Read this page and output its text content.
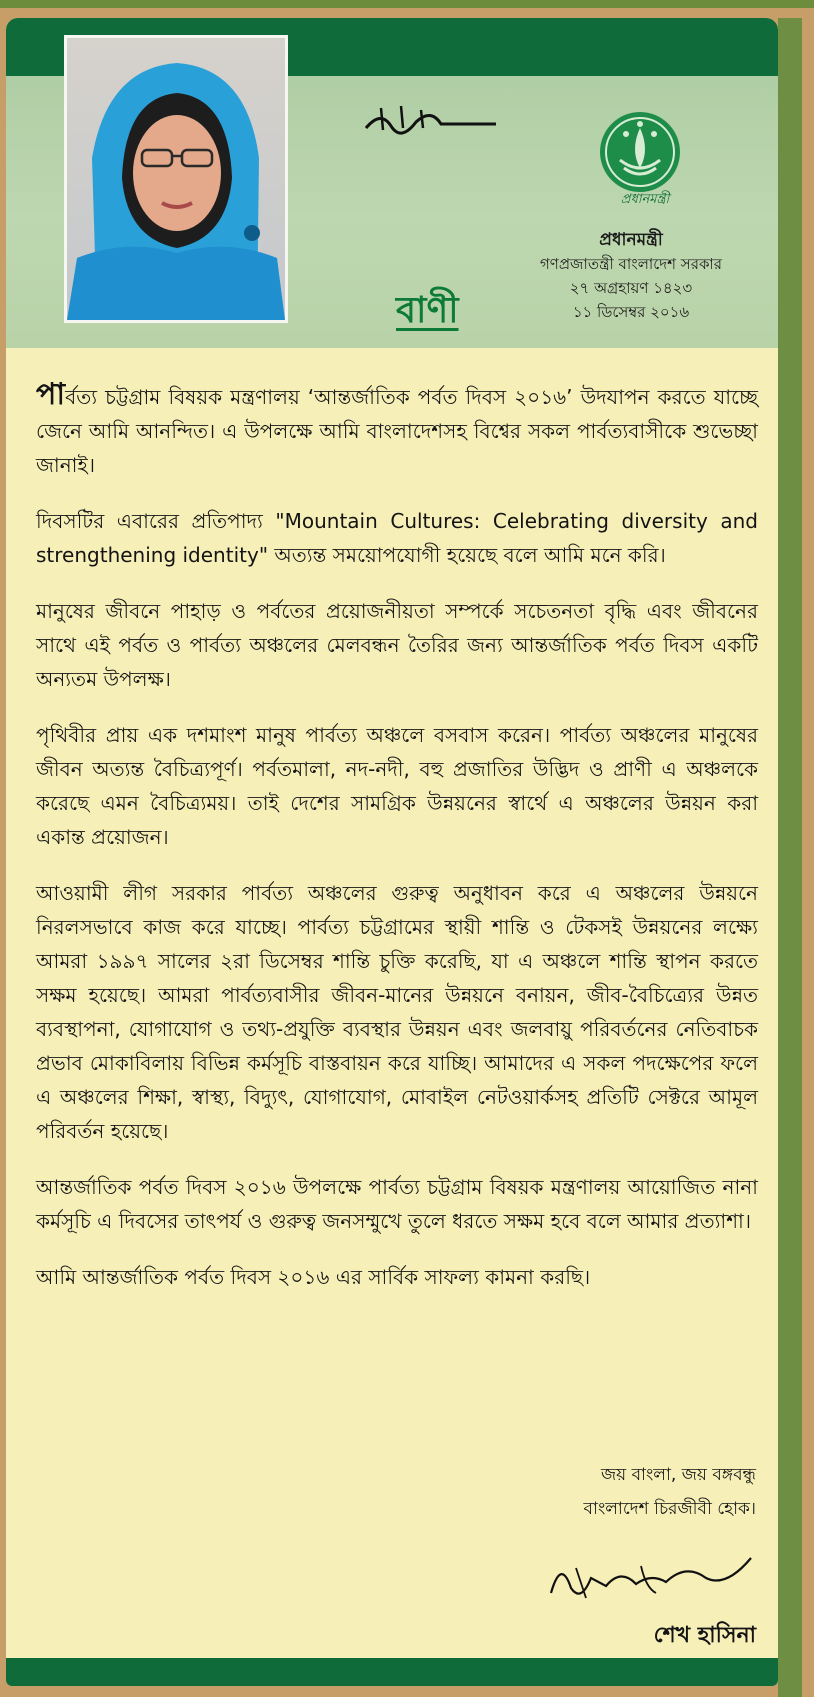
প্রধানমন্ত্রী
বাণী
প্রধানমন্ত্রী
গণপ্রজাতন্ত্রী বাংলাদেশ সরকার
২৭ অগ্রহায়ণ ১৪২৩
১১ ডিসেম্বর ২০১৬

পার্বত্য চট্টগ্রাম বিষয়ক মন্ত্রণালয় ‘আন্তর্জাতিক পর্বত দিবস ২০১৬’ উদযাপন করতে যাচ্ছে জেনে আমি আনন্দিত। এ উপলক্ষে আমি বাংলাদেশসহ বিশ্বের সকল পার্বত্যবাসীকে শুভেচ্ছা জানাই।

দিবসটির এবারের প্রতিপাদ্য "Mountain Cultures: Celebrating diversity and strengthening identity" অত্যন্ত সময়োপযোগী হয়েছে বলে আমি মনে করি।

মানুষের জীবনে পাহাড় ও পর্বতের প্রয়োজনীয়তা সম্পর্কে সচেতনতা বৃদ্ধি এবং জীবনের সাথে এই পর্বত ও পার্বত্য অঞ্চলের মেলবন্ধন তৈরির জন্য আন্তর্জাতিক পর্বত দিবস একটি অন্যতম উপলক্ষ।

পৃথিবীর প্রায় এক দশমাংশ মানুষ পার্বত্য অঞ্চলে বসবাস করেন। পার্বত্য অঞ্চলের মানুষের জীবন অত্যন্ত বৈচিত্র্যপূর্ণ। পর্বতমালা, নদ-নদী, বহু প্রজাতির উদ্ভিদ ও প্রাণী এ অঞ্চলকে করেছে এমন বৈচিত্র্যময়। তাই দেশের সামগ্রিক উন্নয়নের স্বার্থে এ অঞ্চলের উন্নয়ন করা একান্ত প্রয়োজন।

আওয়ামী লীগ সরকার পার্বত্য অঞ্চলের গুরুত্ব অনুধাবন করে এ অঞ্চলের উন্নয়নে নিরলসভাবে কাজ করে যাচ্ছে। পার্বত্য চট্টগ্রামের স্থায়ী শান্তি ও টেকসই উন্নয়নের লক্ষ্যে আমরা ১৯৯৭ সালের ২রা ডিসেম্বর শান্তি চুক্তি করেছি, যা এ অঞ্চলে শান্তি স্থাপন করতে সক্ষম হয়েছে। আমরা পার্বত্যবাসীর জীবন-মানের উন্নয়নে বনায়ন, জীব-বৈচিত্র্যের উন্নত ব্যবস্থাপনা, যোগাযোগ ও তথ্য-প্রযুক্তি ব্যবস্থার উন্নয়ন এবং জলবায়ু পরিবর্তনের নেতিবাচক প্রভাব মোকাবিলায় বিভিন্ন কর্মসূচি বাস্তবায়ন করে যাচ্ছি। আমাদের এ সকল পদক্ষেপের ফলে এ অঞ্চলের শিক্ষা, স্বাস্থ্য, বিদ্যুৎ, যোগাযোগ, মোবাইল নেটওয়ার্কসহ প্রতিটি সেক্টরে আমূল পরিবর্তন হয়েছে।

আন্তর্জাতিক পর্বত দিবস ২০১৬ উপলক্ষে পার্বত্য চট্টগ্রাম বিষয়ক মন্ত্রণালয় আয়োজিত নানা কর্মসূচি এ দিবসের তাৎপর্য ও গুরুত্ব জনসম্মুখে তুলে ধরতে সক্ষম হবে বলে আমার প্রত্যাশা।

আমি আন্তর্জাতিক পর্বত দিবস ২০১৬ এর সার্বিক সাফল্য কামনা করছি।

জয় বাংলা, জয় বঙ্গবন্ধু
বাংলাদেশ চিরজীবী হোক।
শেখ হাসিনা
